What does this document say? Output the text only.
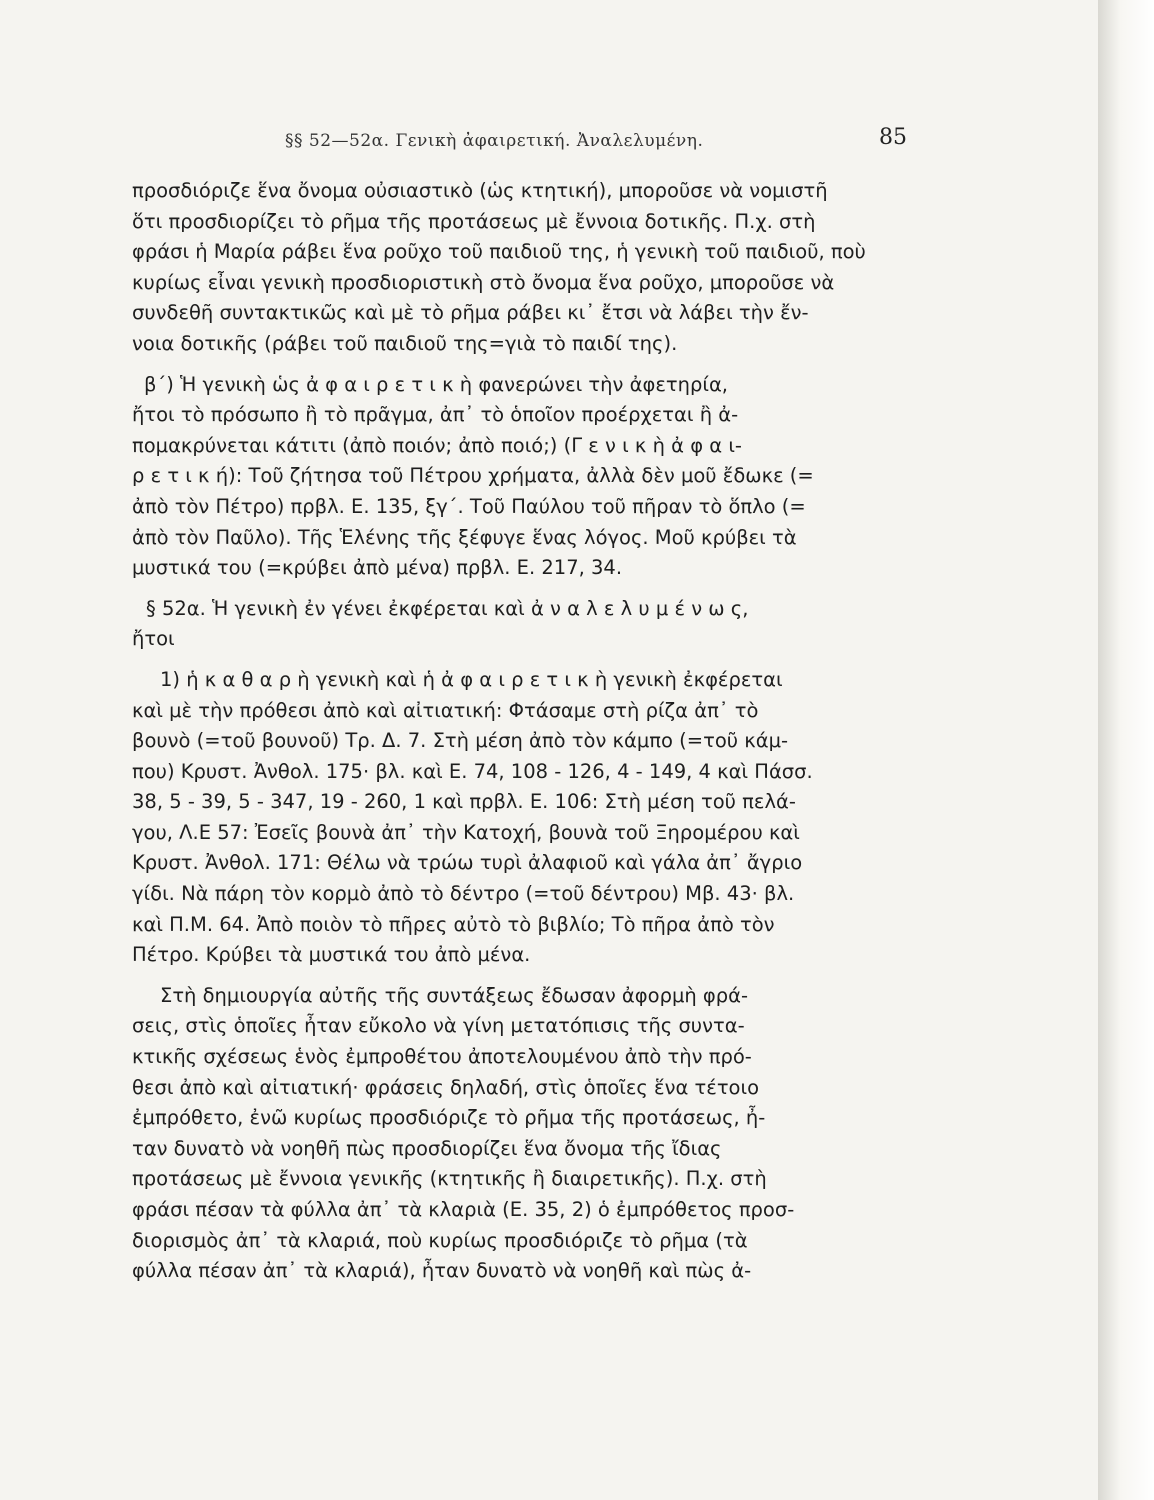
§§ 52—52α. Γενικὴ ἀφαιρετική. Ἀναλελυμένη.	85
προσδιόριζε ἕνα ὄνομα οὐσιαστικὸ (ὡς κτητική), μποροῦσε νὰ νομιστῆ
ὅτι προσδιορίζει τὸ ρῆμα τῆς προτάσεως μὲ ἔννοια δοτικῆς. Π.χ. στὴ
φράσι ἡ Μαρία ράβει ἕνα ροῦχο τοῦ παιδιοῦ της, ἡ γενικὴ τοῦ παιδιοῦ, ποὺ
κυρίως εἶναι γενικὴ προσδιοριστικὴ στὸ ὄνομα ἕνα ροῦχο, μποροῦσε νὰ
συνδεθῆ συντακτικῶς καὶ μὲ τὸ ρῆμα ράβει κι᾿ ἔτσι νὰ λάβει τὴν ἔν-
νοια δοτικῆς (ράβει τοῦ παιδιοῦ της=γιὰ τὸ παιδί της).
β΄) Ἡ γενικὴ ὡς ἀ φ α ι ρ ε τ ι κ ὴ φανερώνει τὴν ἀφετηρία,
ἤτοι τὸ πρόσωπο ἢ τὸ πρᾶγμα, ἀπ᾿ τὸ ὁποῖον προέρχεται ἢ ἀ-
πομακρύνεται κάτιτι (ἀπὸ ποιόν; ἀπὸ ποιό;) (Γ ε ν ι κ ὴ ἀ φ α ι-
ρ ε τ ι κ ή): Τοῦ ζήτησα τοῦ Πέτρου χρήματα, ἀλλὰ δὲν μοῦ ἔδωκε (=
ἀπὸ τὸν Πέτρο) πρβλ. Ε. 135, ξγ΄. Τοῦ Παύλου τοῦ πῆραν τὸ ὅπλο (=
ἀπὸ τὸν Παῦλο). Τῆς Ἑλένης τῆς ξέφυγε ἕνας λόγος. Μοῦ κρύβει τὰ
μυστικά του (=κρύβει ἀπὸ μένα) πρβλ. Ε. 217, 34.
§ 52α. Ἡ γενικὴ ἐν γένει ἐκφέρεται καὶ ἀ ν α λ ε λ υ μ έ ν ω ς,
ἤτοι
1) ἡ κ α θ α ρ ὴ γενικὴ καὶ ἡ ἀ φ α ι ρ ε τ ι κ ὴ γενικὴ ἐκφέρεται
καὶ μὲ τὴν πρόθεσι ἀπὸ καὶ αἰτιατική: Φτάσαμε στὴ ρίζα ἀπ᾿ τὸ
βουνὸ (=τοῦ βουνοῦ) Τρ. Δ. 7. Στὴ μέση ἀπὸ τὸν κάμπο (=τοῦ κάμ-
που) Κρυστ. Ἀνθολ. 175· βλ. καὶ Ε. 74, 108 - 126, 4 - 149, 4 καὶ Πάσσ.
38, 5 - 39, 5 - 347, 19 - 260, 1 καὶ πρβλ. Ε. 106: Στὴ μέση τοῦ πελά-
γου, Λ.Ε 57: Ἐσεῖς βουνὰ ἀπ᾿ τὴν Κατοχή, βουνὰ τοῦ Ξηρομέρου καὶ
Κρυστ. Ἀνθολ. 171: Θέλω νὰ τρώω τυρὶ ἀλαφιοῦ καὶ γάλα ἀπ᾿ ἄγριο
γίδι. Νὰ πάρη τὸν κορμὸ ἀπὸ τὸ δέντρο (=τοῦ δέντρου) Μβ. 43· βλ.
καὶ Π.Μ. 64. Ἀπὸ ποιὸν τὸ πῆρες αὐτὸ τὸ βιβλίο; Τὸ πῆρα ἀπὸ τὸν
Πέτρο. Κρύβει τὰ μυστικά του ἀπὸ μένα.
Στὴ δημιουργία αὐτῆς τῆς συντάξεως ἔδωσαν ἀφορμὴ φρά-
σεις, στὶς ὁποῖες ἦταν εὔκολο νὰ γίνη μετατόπισις τῆς συντα-
κτικῆς σχέσεως ἑνὸς ἐμπροθέτου ἀποτελουμένου ἀπὸ τὴν πρό-
θεσι ἀπὸ καὶ αἰτιατική· φράσεις δηλαδή, στὶς ὁποῖες ἕνα τέτοιο
ἐμπρόθετο, ἐνῶ κυρίως προσδιόριζε τὸ ρῆμα τῆς προτάσεως, ἦ-
ταν δυνατὸ νὰ νοηθῆ πὼς προσδιορίζει ἕνα ὄνομα τῆς ἴδιας
προτάσεως μὲ ἔννοια γενικῆς (κτητικῆς ἢ διαιρετικῆς). Π.χ. στὴ
φράσι πέσαν τὰ φύλλα ἀπ᾿ τὰ κλαριὰ (Ε. 35, 2) ὁ ἐμπρόθετος προσ-
διορισμὸς ἀπ᾿ τὰ κλαριά, ποὺ κυρίως προσδιόριζε τὸ ρῆμα (τὰ
φύλλα πέσαν ἀπ᾿ τὰ κλαριά), ἦταν δυνατὸ νὰ νοηθῆ καὶ πὼς ἀ-
